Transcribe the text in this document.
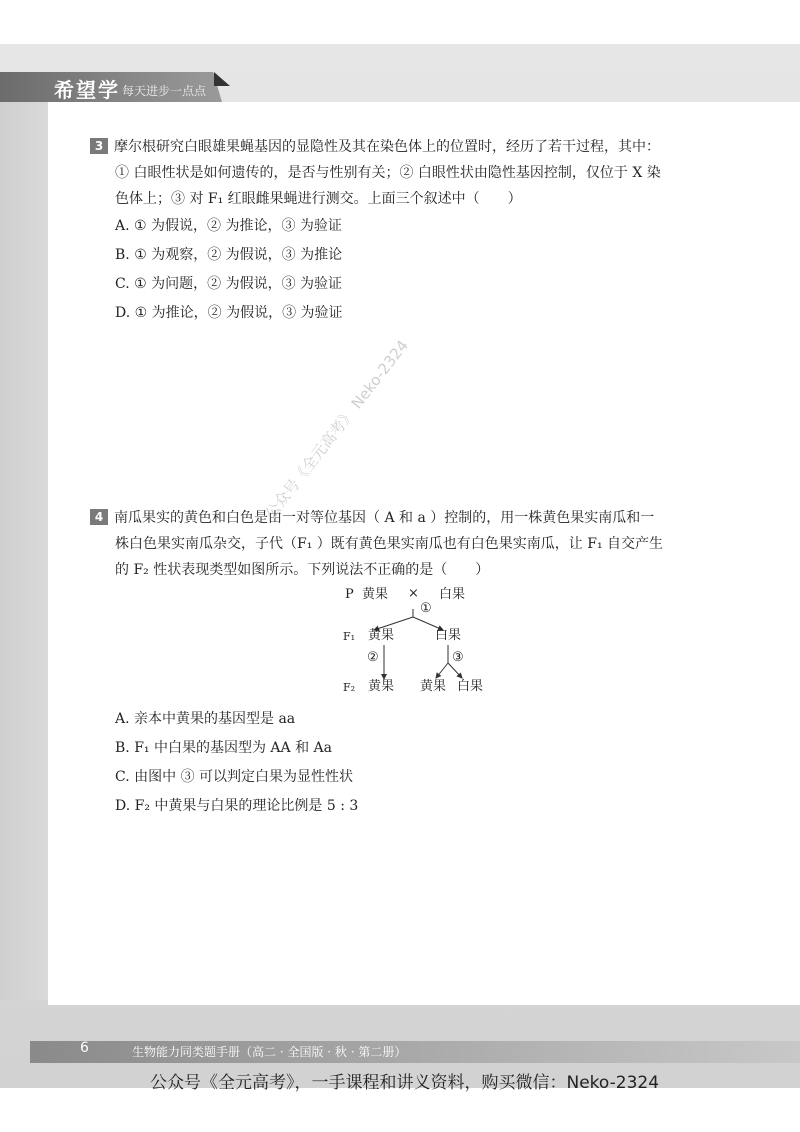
希望学 每天进步一点点

3 摩尔根研究白眼雄果蝇基因的显隐性及其在染色体上的位置时，经历了若干过程，其中：

① 白眼性状是如何遗传的，是否与性别有关；② 白眼性状由隐性基因控制，仅位于 X 染

色体上；③ 对 F₁ 红眼雌果蝇进行测交。上面三个叙述中（　　）

A. ① 为假说，② 为推论，③ 为验证

B. ① 为观察，② 为假说，③ 为推论

C. ① 为问题，② 为假说，③ 为验证

D. ① 为推论，② 为假说，③ 为验证

4 南瓜果实的黄色和白色是由一对等位基因（ A 和 a ）控制的，用一株黄色果实南瓜和一

株白色果实南瓜杂交，子代（F₁ ）既有黄色果实南瓜也有白色果实南瓜，让 F₁ 自交产生

的 F₂ 性状表现类型如图所示。下列说法不正确的是（　　）

A. 亲本中黄果的基因型是 aa

B. F₁ 中白果的基因型为 AA 和 Aa

C. 由图中 ③ 可以判定白果为显性性状

D. F₂ 中黄果与白果的理论比例是 5 : 3

P 黄果 × 白果
①
F₁ 黄果	白果
②	③
F₂ 黄果 黄果 白果
公众号《全元高考》 Neko-2324
6	生物能力同类题手册（高二 · 全国版 · 秋 · 第二册）
公众号《全元高考》，一手课程和讲义资料，购买微信：Neko-2324
